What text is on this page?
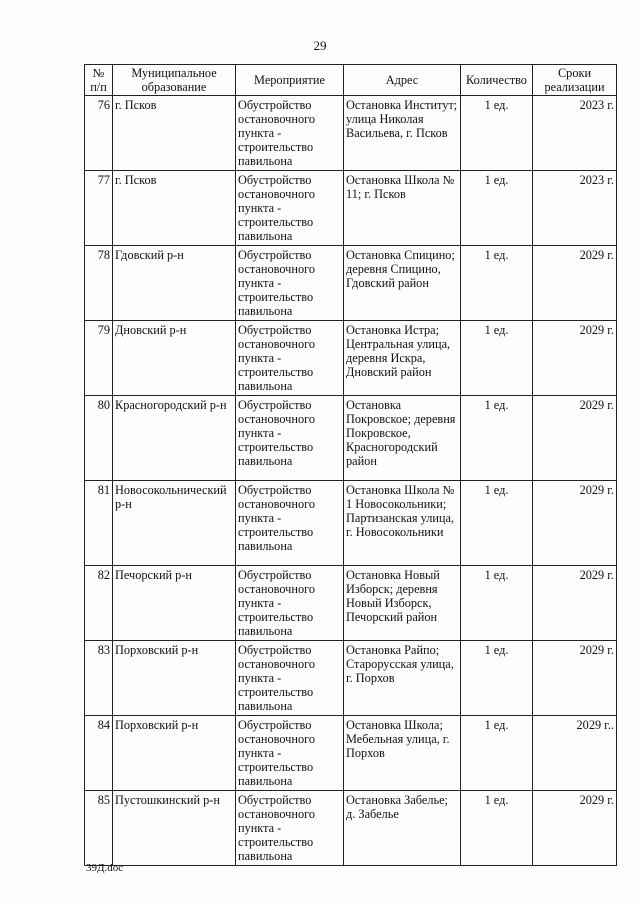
29
№ п/п	Муниципальное образование	Мероприятие	Адрес	Количество	Сроки реализации
76	г. Псков	Обустройство остановочного пункта - строительство павильона	Остановка Институт; улица Николая Васильева, г. Псков	1 ед.	2023 г.
77	г. Псков	Обустройство остановочного пункта - строительство павильона	Остановка Школа № 11; г. Псков	1 ед.	2023 г.
78	Гдовский р-н	Обустройство остановочного пункта - строительство павильона	Остановка Спицино; деревня Спицино, Гдовский район	1 ед.	2029 г.
79	Дновский р-н	Обустройство остановочного пункта - строительство павильона	Остановка Истра; Центральная улица, деревня Искра, Дновский район	1 ед.	2029 г.
80	Красногородский р-н	Обустройство остановочного пункта - строительство павильона	Остановка Покровское; деревня Покровское, Красногородский район	1 ед.	2029 г.
81	Новосокольнический р-н	Обустройство остановочного пункта - строительство павильона	Остановка Школа № 1 Новосокольники; Партизанская улица, г. Новосокольники	1 ед.	2029 г.
82	Печорский р-н	Обустройство остановочного пункта - строительство павильона	Остановка Новый Изборск; деревня Новый Изборск, Печорский район	1 ед.	2029 г.
83	Порховский р-н	Обустройство остановочного пункта - строительство павильона	Остановка Райпо; Старорусская улица, г. Порхов	1 ед.	2029 г.
84	Порховский р-н	Обустройство остановочного пункта - строительство павильона	Остановка Школа; Мебельная улица, г. Порхов	1 ед.	2029 г..
85	Пустошкинский р-н	Обустройство остановочного пункта - строительство павильона	Остановка Забелье; д. Забелье	1 ед.	2029 г.
39Д.doc
